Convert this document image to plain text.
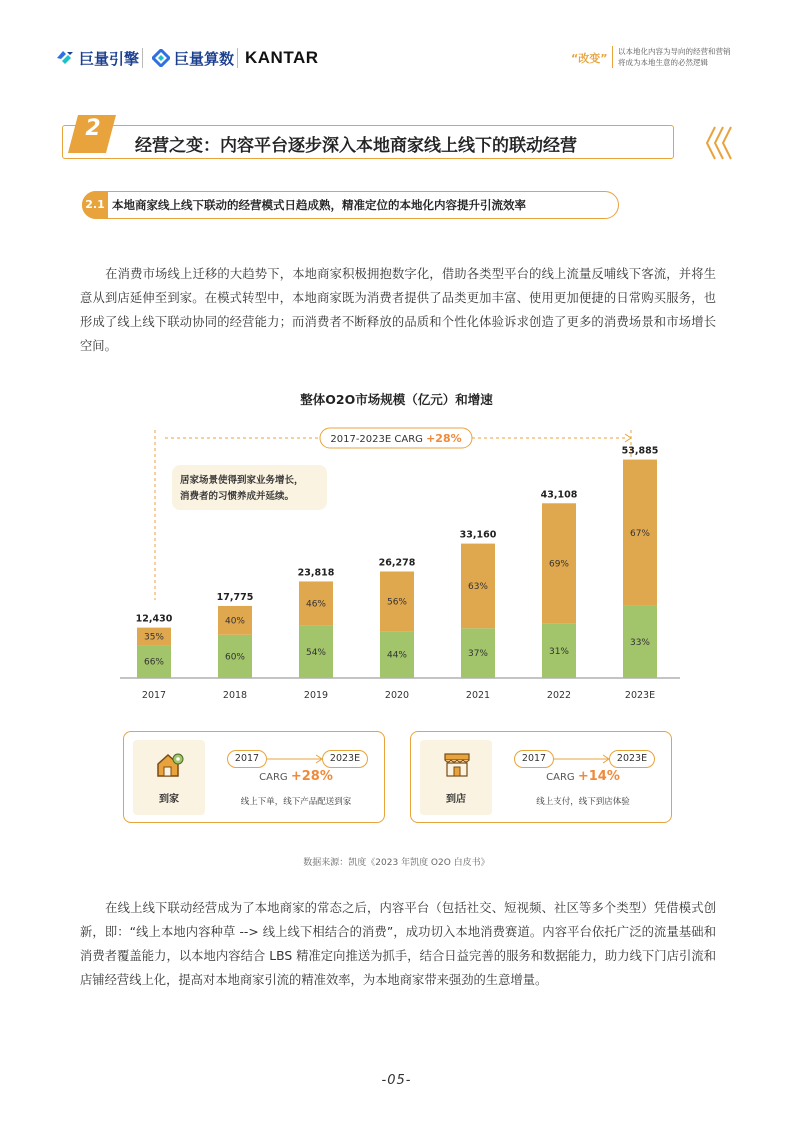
巨量引擎 巨量算数 KANTAR	“改变”
以本地化内容为导向的经营和营销
将成为本地生意的必然逻辑
2
经营之变：内容平台逐步深入本地商家线上线下的联动经营
2.1 本地商家线上线下联动的经营模式日趋成熟，精准定位的本地化内容提升引流效率
在消费市场线上迁移的大趋势下，本地商家积极拥抱数字化，借助各类型平台的线上流量反哺线下客流，并将生意从到店延伸至到家。在模式转型中，本地商家既为消费者提供了品类更加丰富、使用更加便捷的日常购买服务，也形成了线上线下联动协同的经营能力；而消费者不断释放的品质和个性化体验诉求创造了更多的消费场景和市场增长空间。
整体O2O市场规模（亿元）和增速
2017-2023E CARG +28%
居家场景使得到家业务增长，
消费者的习惯养成并延续。
35%
66%
12,430
2017
40%
60%
17,775
2018
46%
54%
23,818
2019
56%
44%
26,278
2020
63%
37%
33,160
2021
69%
31%
43,108
2022
67%
33%
53,885
2023E
到家
2017	2023E
CARG +28%
线上下单，线下产品配送到家	到店
2017	2023E
CARG +14%
线上支付，线下到店体验
数据来源：凯度《2023 年凯度 O2O 白皮书》
在线上线下联动经营成为了本地商家的常态之后，内容平台（包括社交、短视频、社区等多个类型）凭借模式创新，即：“线上本地内容种草 --> 线上线下相结合的消费”，成功切入本地消费赛道。内容平台依托广泛的流量基础和消费者覆盖能力，以本地内容结合 LBS 精准定向推送为抓手，结合日益完善的服务和数据能力，助力线下门店引流和店铺经营线上化，提高对本地商家引流的精准效率，为本地商家带来强劲的生意增量。
-05-
